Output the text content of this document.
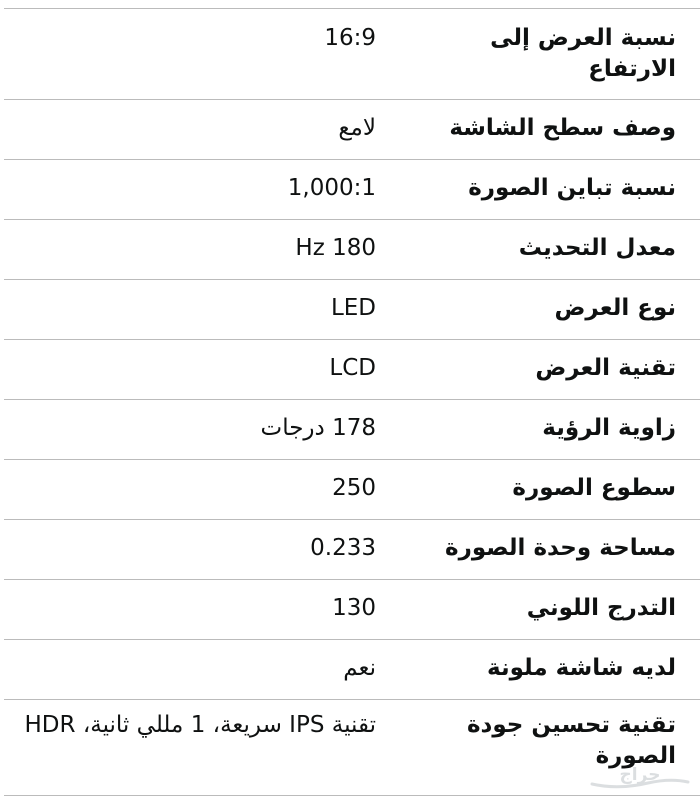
نسبة العرض إلى الارتفاع
16:9
وصف سطح الشاشة
لامع
نسبة تباين الصورة
1,000:1
معدل التحديث
180 Hz
نوع العرض
LED
تقنية العرض
LCD
زاوية الرؤية
178 درجات
سطوع الصورة
250
مساحة وحدة الصورة
0.233
التدرج اللوني
130
لديه شاشة ملونة
نعم
تقنية تحسين جودة الصورة
تقنية IPS سريعة، 1 مللي ثانية، HDR
حراج
